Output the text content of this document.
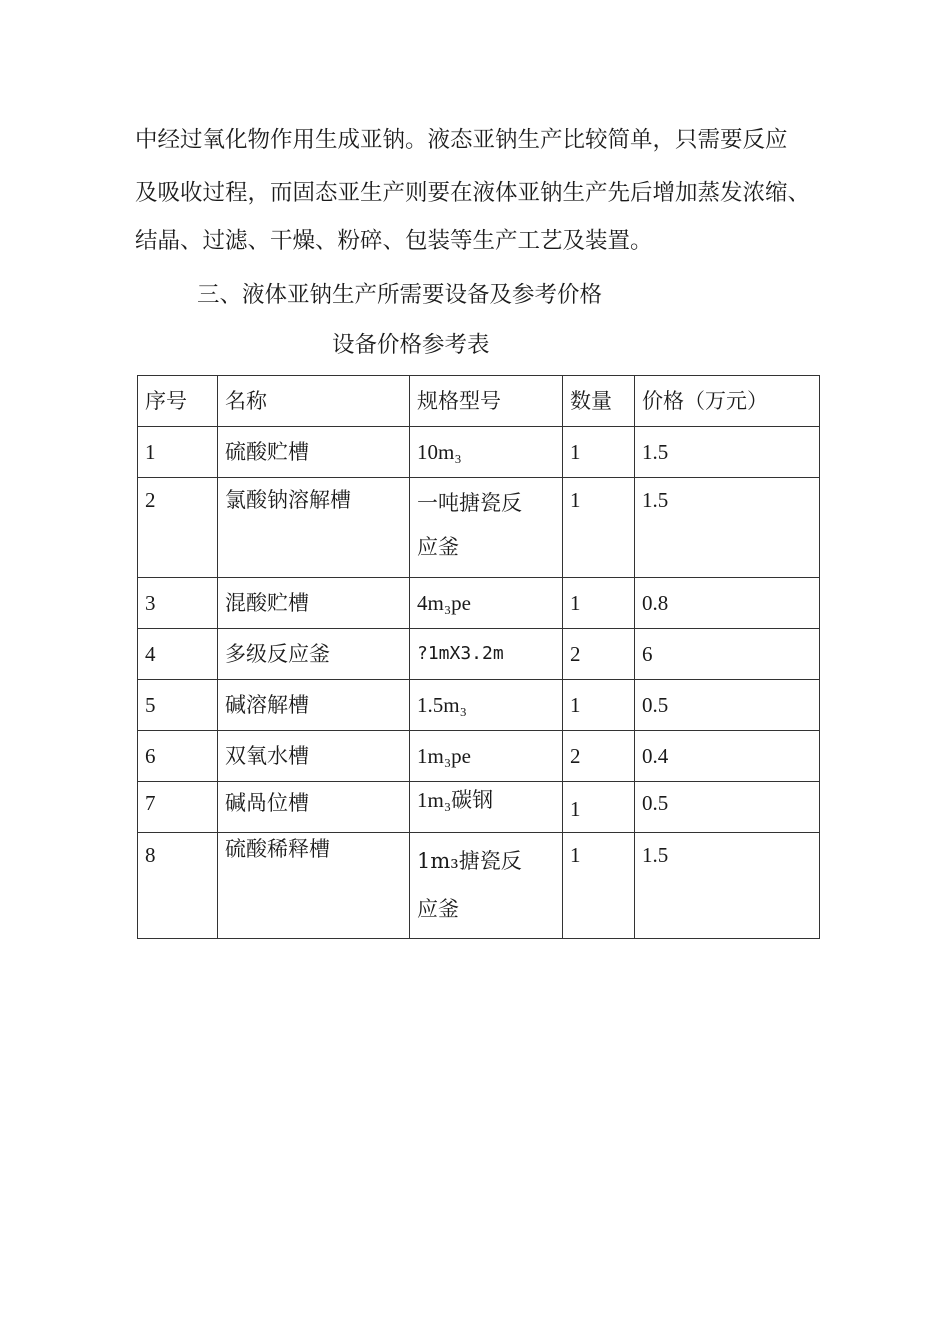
中经过氧化物作用生成亚钠。液态亚钠生产比较简单，只需要反应

及吸收过程，而固态亚生产则要在液体亚钠生产先后增加蒸发浓缩、

结晶、过滤、干燥、粉碎、包装等生产工艺及装置。

三、液体亚钠生产所需要设备及参考价格

设备价格参考表

序号	名称	规格型号	数量	价格（万元）
1	硫酸贮槽	10m₃	1	1.5
2	氯酸钠溶解槽	一吨搪瓷反
应釜	1	1.5
3	混酸贮槽	4m₃pe	1	0.8
4	多级反应釜	?1mX3.2m	2	6
5	碱溶解槽	1.5m₃	1	0.5
6	双氧水槽	1m₃pe	2	0.4
7	碱咼位槽	1m₃碳钢	1	0.5
8	硫酸稀释槽	1m₃搪瓷反
应釜	1	1.5
